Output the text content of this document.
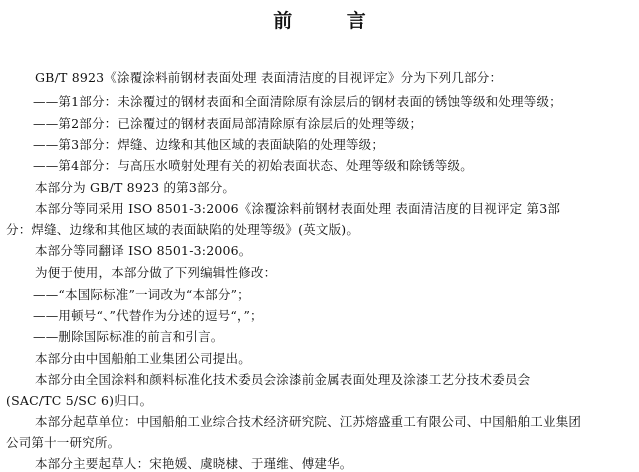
前 言
GB/T 8923《涂覆涂料前钢材表面处理 表面清洁度的目视评定》分为下列几部分：
——第1部分：未涂覆过的钢材表面和全面清除原有涂层后的钢材表面的锈蚀等级和处理等级；
——第2部分：已涂覆过的钢材表面局部清除原有涂层后的处理等级；
——第3部分：焊缝、边缘和其他区域的表面缺陷的处理等级；
——第4部分：与高压水喷射处理有关的初始表面状态、处理等级和除锈等级。
本部分为 GB/T 8923 的第3部分。
本部分等同采用 ISO 8501-3:2006《涂覆涂料前钢材表面处理 表面清洁度的目视评定 第3部
分：焊缝、边缘和其他区域的表面缺陷的处理等级》(英文版)。
本部分等同翻译 ISO 8501-3:2006。
为便于使用，本部分做了下列编辑性修改：
——“本国际标准”一词改为“本部分”；
——用顿号“、”代替作为分述的逗号“，”；
——删除国际标准的前言和引言。
本部分由中国船舶工业集团公司提出。
本部分由全国涂料和颜料标准化技术委员会涂漆前金属表面处理及涂漆工艺分技术委员会
(SAC/TC 5/SC 6)归口。
本部分起草单位：中国船舶工业综合技术经济研究院、江苏熔盛重工有限公司、中国船舶工业集团
公司第十一研究所。
本部分主要起草人：宋艳媛、虞晓棣、于瑾维、傅建华。
